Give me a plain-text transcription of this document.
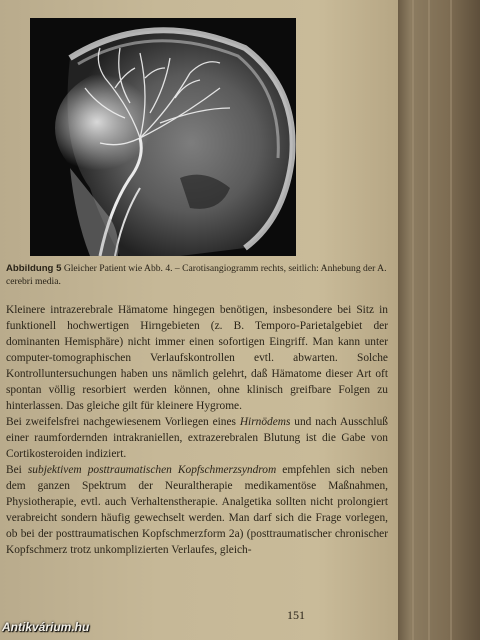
Abbildung 5 Gleicher Patient wie Abb. 4. – Carotisangiogramm rechts, seitlich: Anhebung der A. cerebri media.

Kleinere intrazerebrale Hämatome hingegen benötigen, insbesondere bei Sitz in funktionell hochwertigen Hirngebieten (z. B. Temporo-Parietalgebiet der dominanten Hemisphäre) nicht immer einen sofortigen Eingriff. Man kann unter computer-tomographischen Verlaufskontrollen evtl. abwarten. Solche Kontrolluntersuchungen haben uns nämlich gelehrt, daß Hämatome dieser Art oft spontan völlig resorbiert werden können, ohne klinisch greifbare Folgen zu hinterlassen. Das gleiche gilt für kleinere Hygrome.

Bei zweifelsfrei nachgewiesenem Vorliegen eines Hirnödems und nach Ausschluß einer raumfordernden intrakraniellen, extrazerebralen Blutung ist die Gabe von Cortikosteroiden indiziert.

Bei subjektivem posttraumatischen Kopfschmerzsyndrom empfehlen sich neben dem ganzen Spektrum der Neuraltherapie medikamentöse Maßnahmen, Physiotherapie, evtl. auch Verhaltenstherapie. Analgetika sollten nicht prolongiert verabreicht sondern häufig gewechselt werden. Man darf sich die Frage vorlegen, ob bei der posttraumatischen Kopfschmerzform 2a) (posttraumatischer chronischer Kopfschmerz trotz unkomplizierten Verlaufes, gleich-

151
Antikvárium.hu
